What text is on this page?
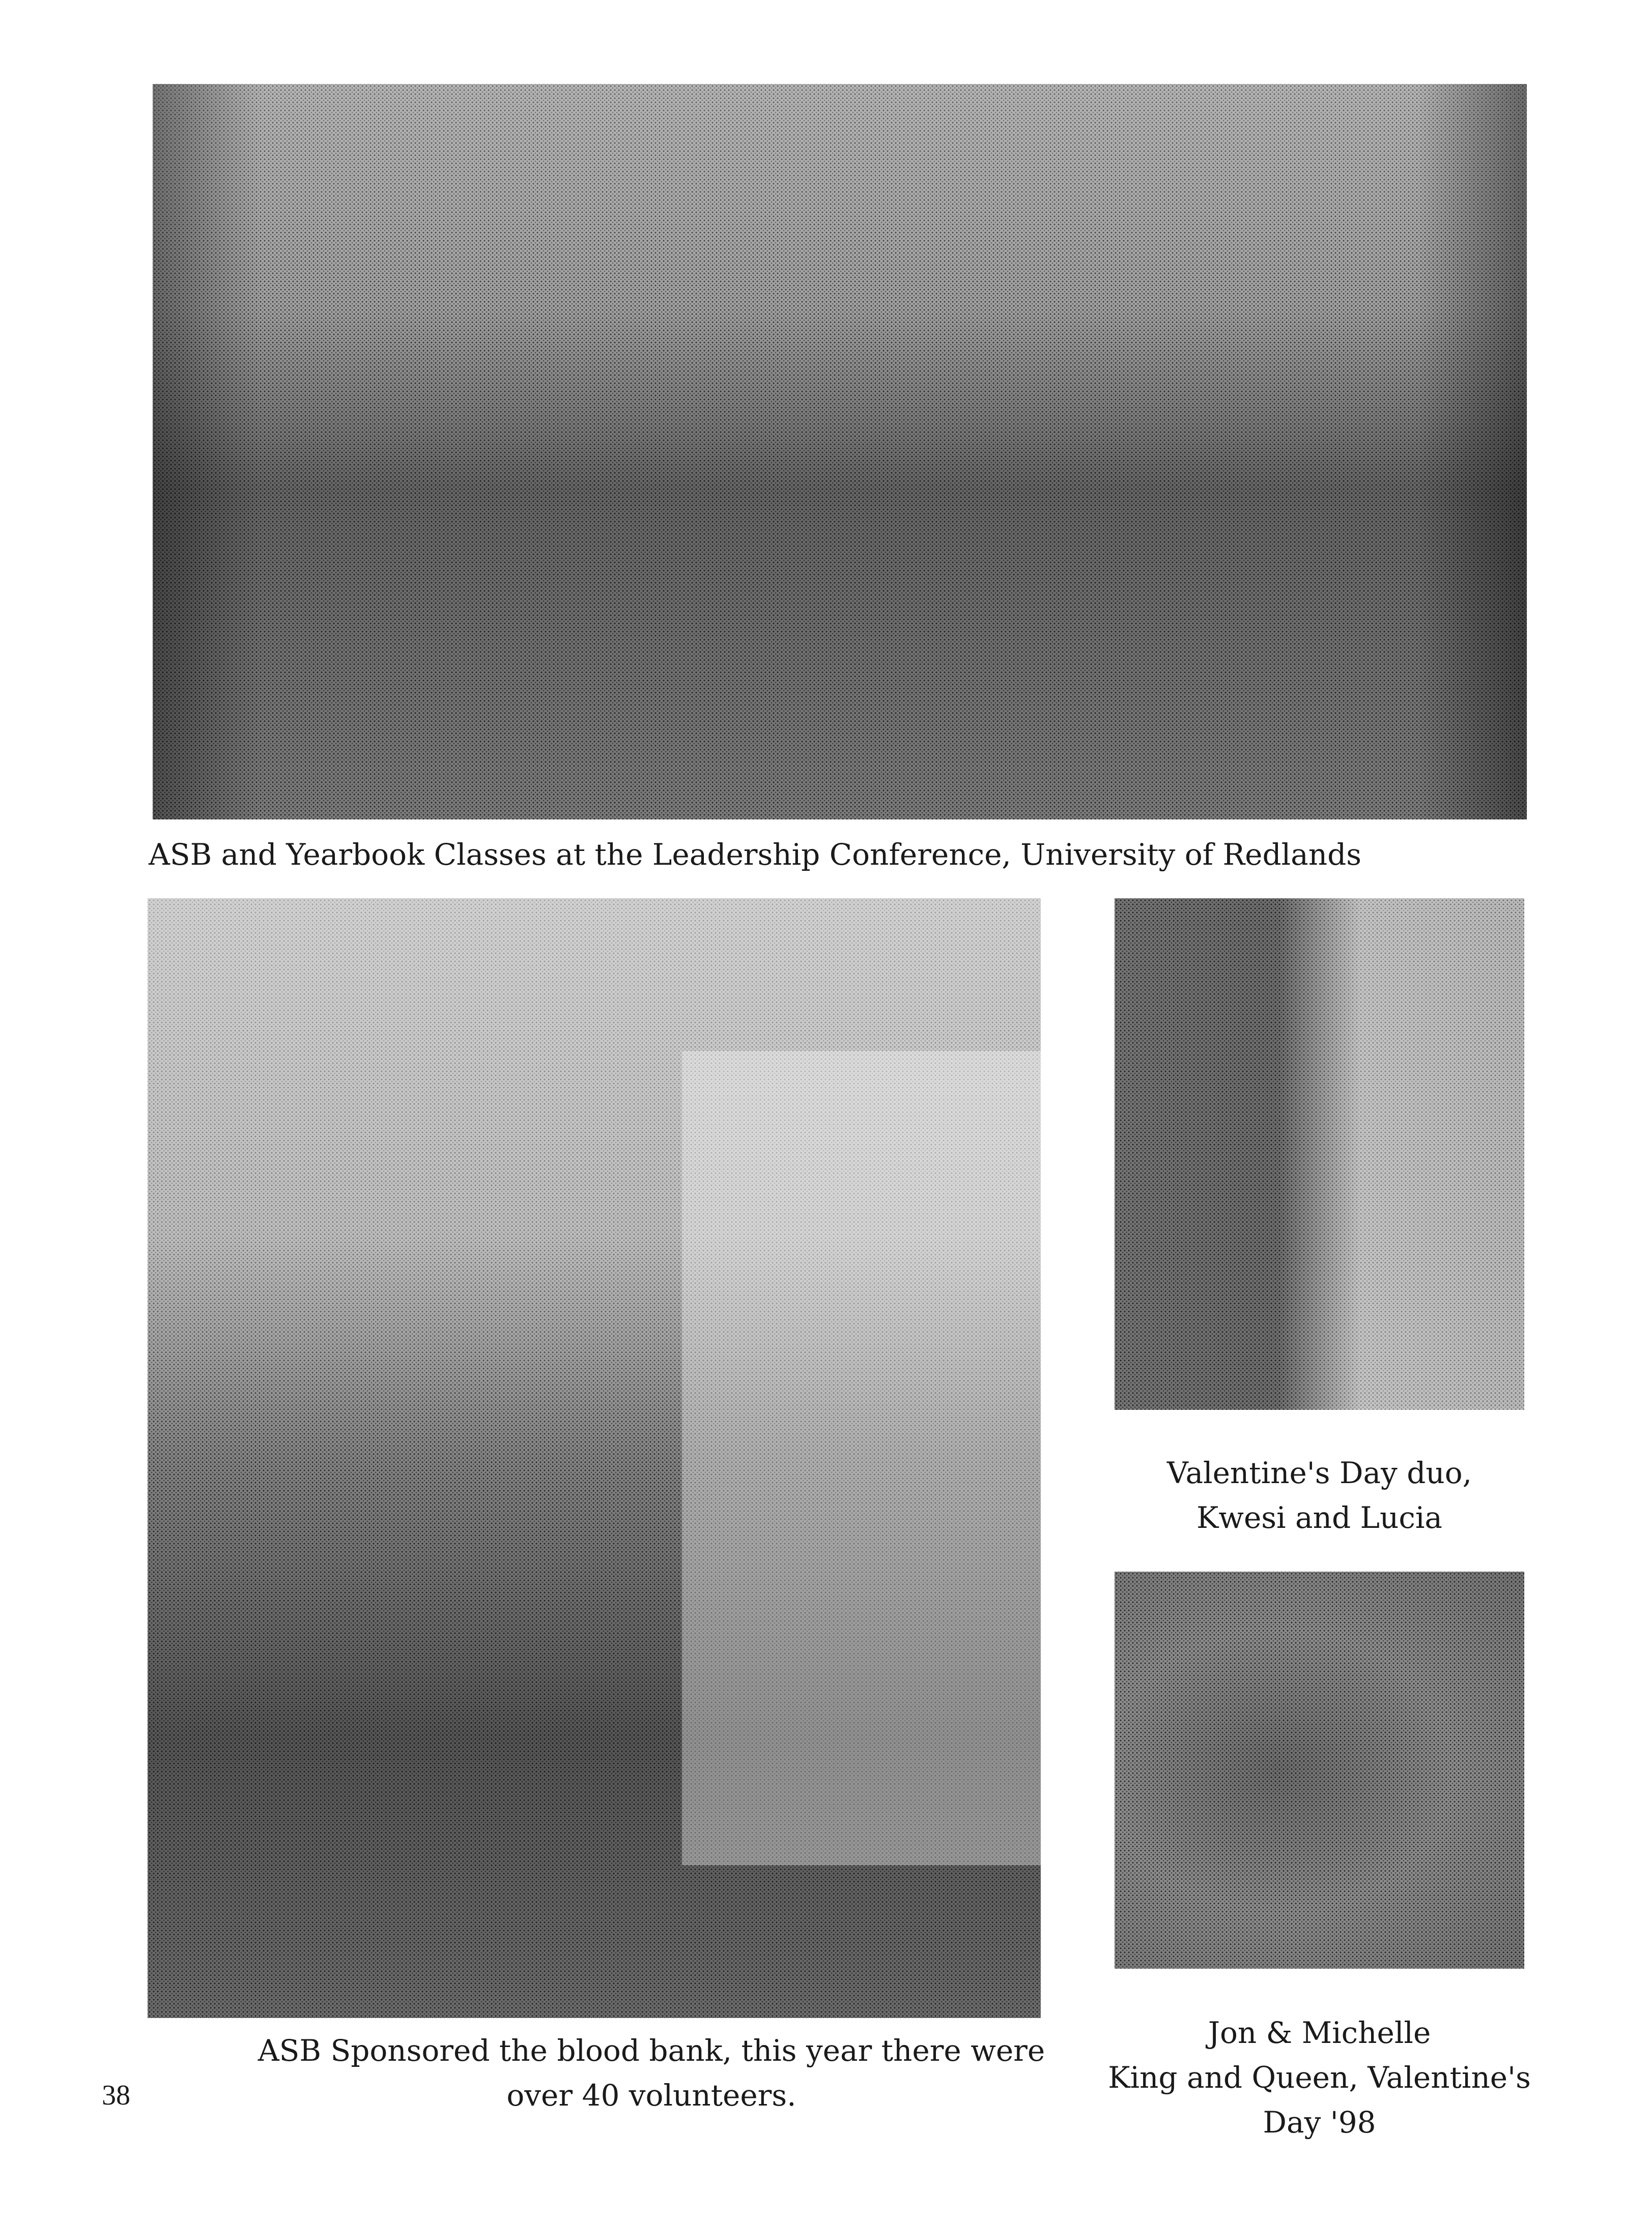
ASB and Yearbook Classes at the Leadership Conference, University of Redlands
ASB Sponsored the blood bank, this year there were
over 40 volunteers.
Valentine's Day duo,
Kwesi and Lucia
Jon & Michelle
King and Queen, Valentine's
Day '98
38
